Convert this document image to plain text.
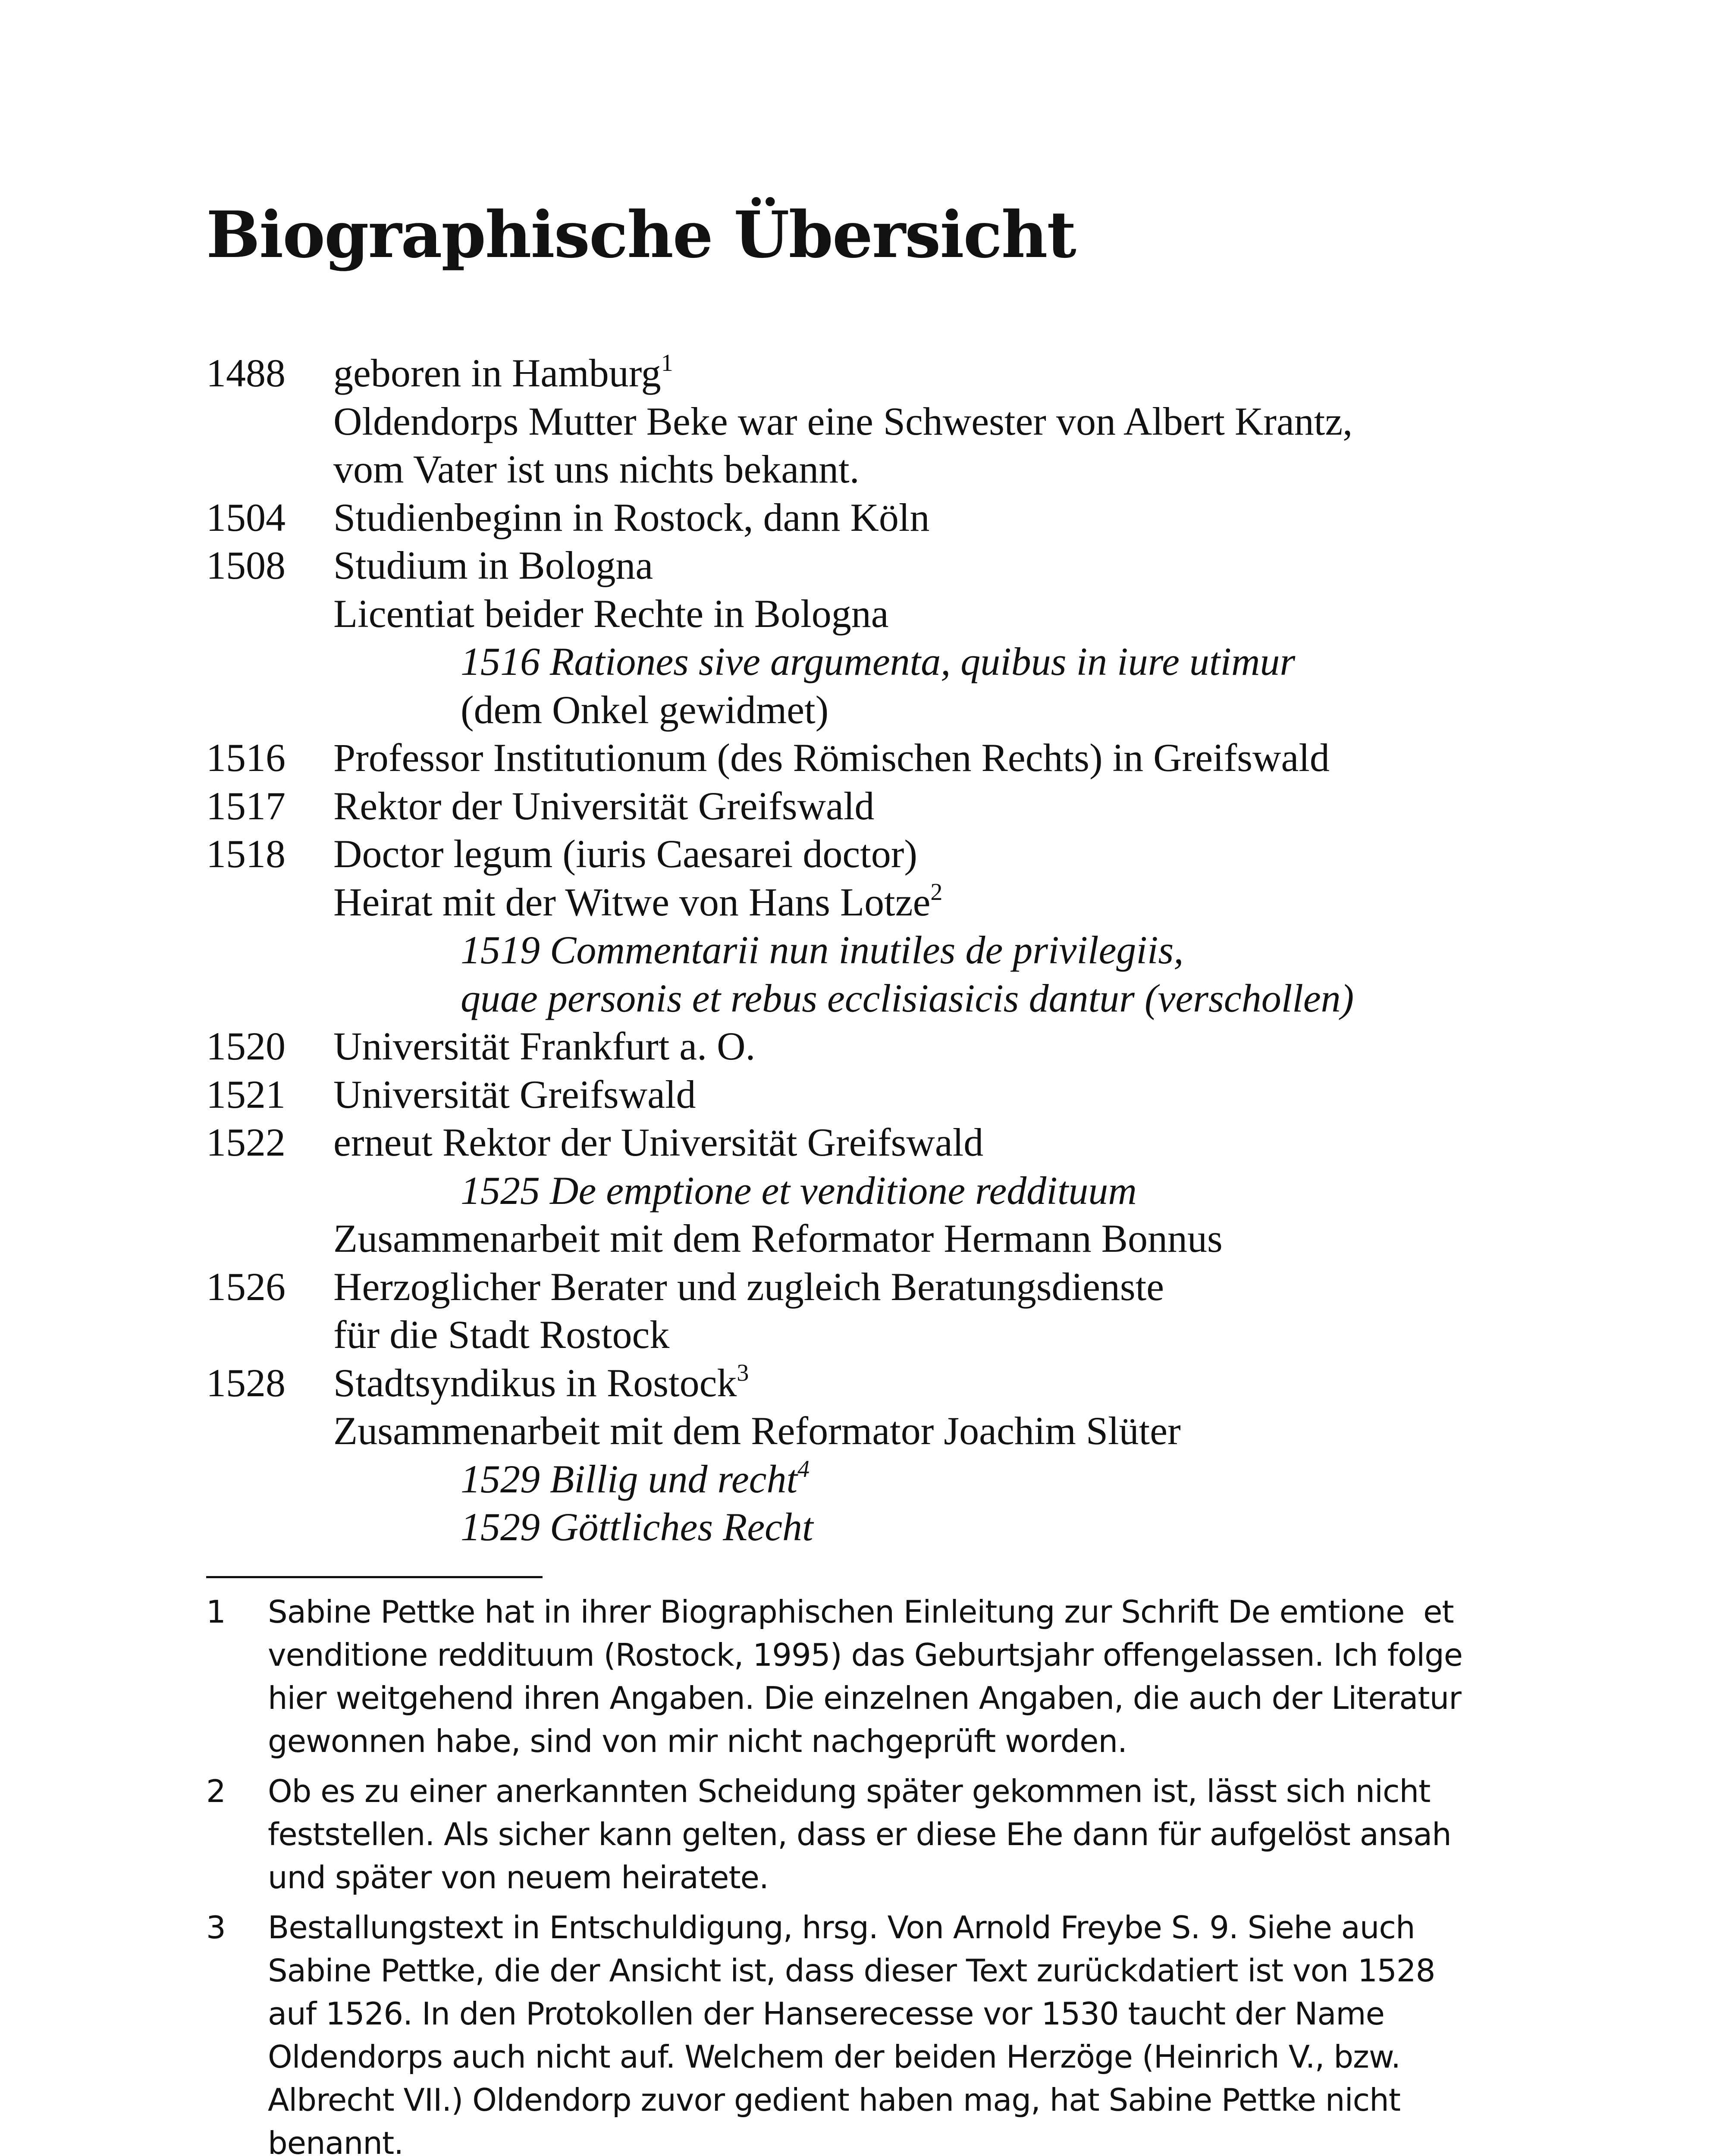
Biographische Übersicht
1488 geboren in Hamburg$^1$
Oldendorps Mutter Beke war eine Schwester von Albert Krantz,
vom Vater ist uns nichts bekannt.
1504 Studienbeginn in Rostock, dann Köln
1508 Studium in Bologna
Licentiat beider Rechte in Bologna
1516 Rationes sive argumenta, quibus in iure utimur
(dem Onkel gewidmet)
1516 Professor Institutionum (des Römischen Rechts) in Greifswald
1517 Rektor der Universität Greifswald
1518 Doctor legum (iuris Caesarei doctor)
Heirat mit der Witwe von Hans Lotze$^2$
1519 Commentarii nun inutiles de privilegiis,
quae personis et rebus ecclisiasicis dantur (verschollen)
1520 Universität Frankfurt a. O.
1521 Universität Greifswald
1522 erneut Rektor der Universität Greifswald
1525 De emptione et venditione reddituum
Zusammenarbeit mit dem Reformator Hermann Bonnus
1526 Herzoglicher Berater und zugleich Beratungsdienste
für die Stadt Rostock
1528 Stadtsyndikus in Rostock$^3$
Zusammenarbeit mit dem Reformator Joachim Slüter
1529 Billig und recht$^4$
1529 Göttliches Recht
1 Sabine Pettke hat in ihrer Biographischen Einleitung zur Schrift De emtione  et
venditione reddituum (Rostock, 1995) das Geburtsjahr offengelassen. Ich folge
hier weitgehend ihren Angaben. Die einzelnen Angaben, die auch der Literatur
gewonnen habe, sind von mir nicht nachgeprüft worden.
2 Ob es zu einer anerkannten Scheidung später gekommen ist, lässt sich nicht
feststellen. Als sicher kann gelten, dass er diese Ehe dann für aufgelöst ansah
und später von neuem heiratete.
3 Bestallungstext in Entschuldigung, hrsg. Von Arnold Freybe S. 9. Siehe auch
Sabine Pettke, die der Ansicht ist, dass dieser Text zurückdatiert ist von 1528
auf 1526. In den Protokollen der Hanserecesse vor 1530 taucht der Name
Oldendorps auch nicht auf. Welchem der beiden Herzöge (Heinrich V., bzw.
Albrecht VII.) Oldendorp zuvor gedient haben mag, hat Sabine Pettke nicht
benannt.
